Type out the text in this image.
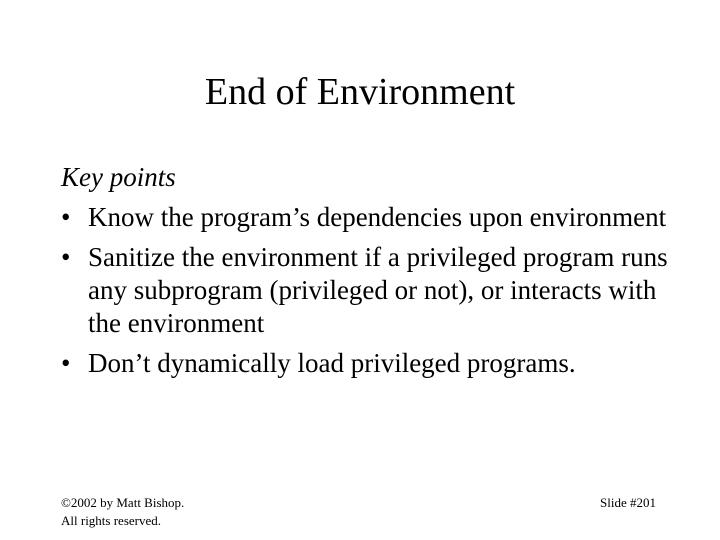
End of Environment
Key points
• Know the program’s dependencies upon environment
• Sanitize the environment if a privileged program runs any subprogram (privileged or not), or interacts with the environment
• Don’t dynamically load privileged programs.
©2002 by Matt Bishop.
All rights reserved.
Slide #201
